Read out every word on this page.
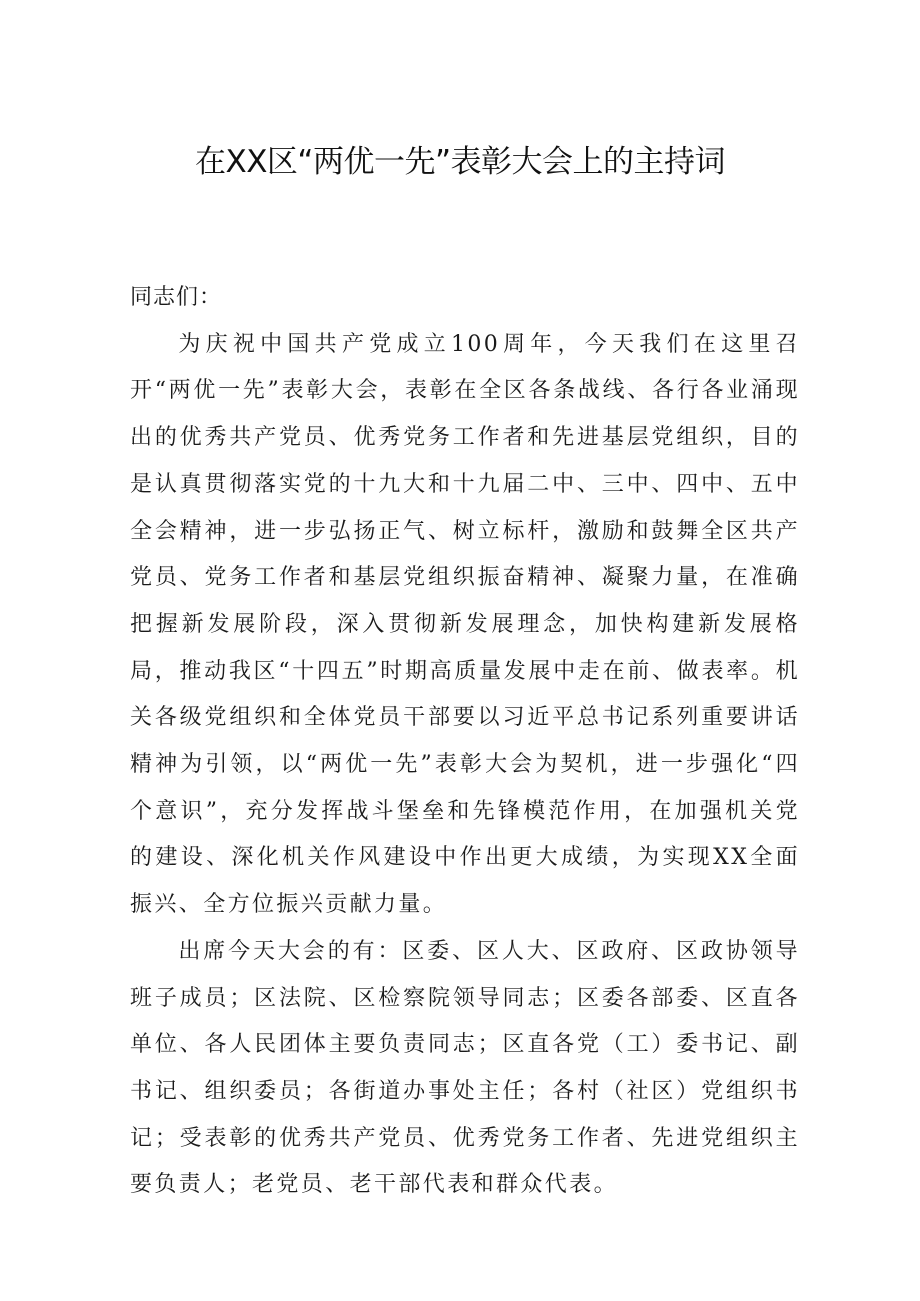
在XX区“两优一先”表彰大会上的主持词

同志们：

为庆祝中国共产党成立100周年，今天我们在这里召开“两优一先”表彰大会，表彰在全区各条战线、各行各业涌现出的优秀共产党员、优秀党务工作者和先进基层党组织，目的是认真贯彻落实党的十九大和十九届二中、三中、四中、五中全会精神，进一步弘扬正气、树立标杆，激励和鼓舞全区共产党员、党务工作者和基层党组织振奋精神、凝聚力量，在准确把握新发展阶段，深入贯彻新发展理念，加快构建新发展格局，推动我区“十四五”时期高质量发展中走在前、做表率。机关各级党组织和全体党员干部要以习近平总书记系列重要讲话精神为引领，以“两优一先”表彰大会为契机，进一步强化“四个意识”，充分发挥战斗堡垒和先锋模范作用，在加强机关党的建设、深化机关作风建设中作出更大成绩，为实现XX全面振兴、全方位振兴贡献力量。

出席今天大会的有：区委、区人大、区政府、区政协领导班子成员；区法院、区检察院领导同志；区委各部委、区直各单位、各人民团体主要负责同志；区直各党（工）委书记、副书记、组织委员；各街道办事处主任；各村（社区）党组织书记；受表彰的优秀共产党员、优秀党务工作者、先进党组织主要负责人；老党员、老干部代表和群众代表。
